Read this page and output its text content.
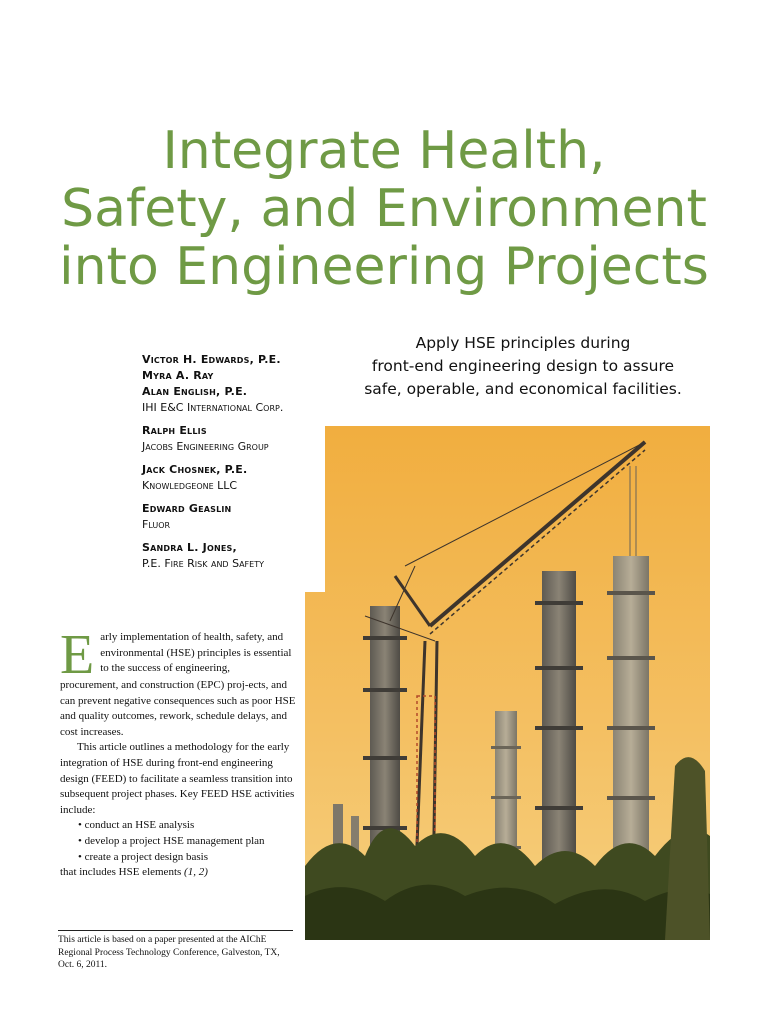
Integrate Health,
Safety, and Environment
into Engineering Projects
Victor H. Edwards, P.E.
Myra A. Ray
Alan English, P.E.
IHI E&C International Corp.
Ralph Ellis
Jacobs Engineering Group
Jack Chosnek, P.E.
Knowledgeone LLC
Edward Geaslin
Fluor
Sandra L. Jones,
P.E. Fire Risk and Safety
Apply HSE principles during
front-end engineering design to assure
safe, operable, and economical facilities.
E arly implementation of health, safety, and environmental (HSE) principles is essential to the success of engineering,

procurement, and construction (EPC) proj-ects, and can prevent negative consequences such as poor HSE and quality outcomes, rework, schedule delays, and cost increases.

This article outlines a methodology for the early integration of HSE during front-end engineering design (FEED) to facilitate a seamless transition into subsequent project phases. Key FEED HSE activities include:

• conduct an HSE analysis
• develop a project HSE management plan
• create a project design basis

that includes HSE elements (1, 2)

This article is based on a paper presented at the AIChE Regional Process Technology Conference, Galveston, TX, Oct. 6, 2011.
